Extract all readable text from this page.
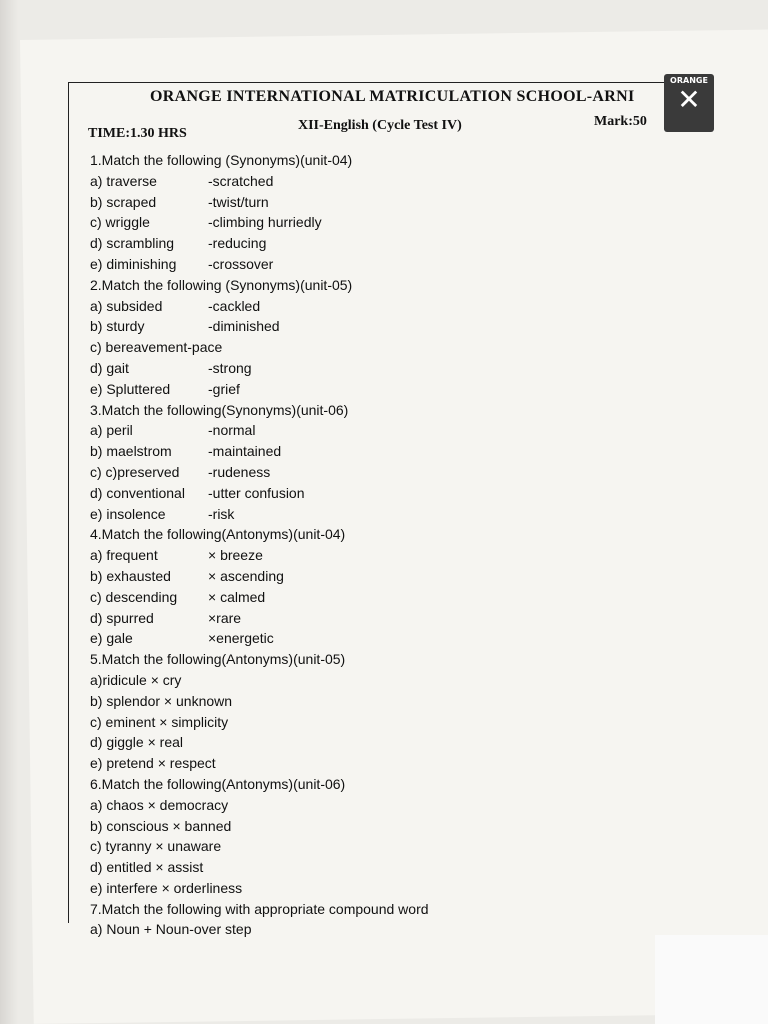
ORANGE
✕
ORANGE INTERNATIONAL MATRICULATION SCHOOL-ARNI
TIME:1.30 HRS
XII-English (Cycle Test IV)	Mark:50
1.Match the following (Synonyms)(unit-04)
a) traverse	-scratched
b) scraped	-twist/turn
c) wriggle	-climbing hurriedly
d) scrambling -reducing
e) diminishing -crossover
2.Match the following (Synonyms)(unit-05)
a) subsided	-cackled
b) sturdy	-diminished
c) bereavement-pace
d) gait	-strong
e) Spluttered	-grief
3.Match the following(Synonyms)(unit-06)
a) peril	-normal
b) maelstrom	-maintained
c) c)preserved -rudeness
d) conventional -utter confusion
e) insolence	-risk
4.Match the following(Antonyms)(unit-04)
a) frequent	× breeze
b) exhausted	× ascending
c) descending × calmed
d) spurred	×rare
e) gale	×energetic
5.Match the following(Antonyms)(unit-05)
a)ridicule × cry
b) splendor × unknown
c) eminent × simplicity
d) giggle × real
e) pretend × respect
6.Match the following(Antonyms)(unit-06)
a) chaos × democracy
b) conscious × banned
c) tyranny × unaware
d) entitled × assist
e) interfere × orderliness
7.Match the following with appropriate compound word
a) Noun + Noun-over step
